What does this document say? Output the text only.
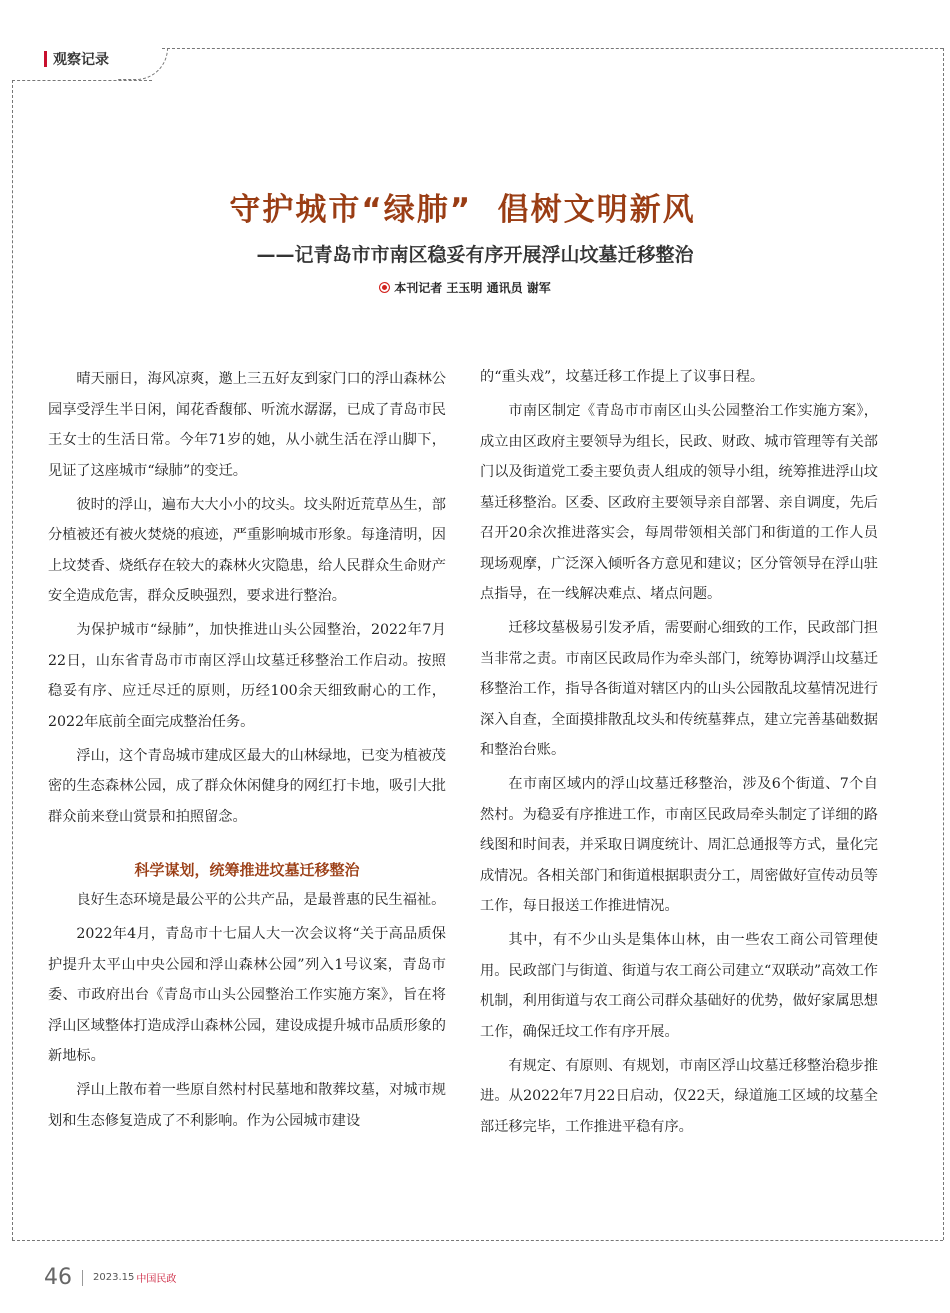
观察记录
守护城市“绿肺”  倡树文明新风
——记青岛市市南区稳妥有序开展浮山坟墓迁移整治
本刊记者 王玉明 通讯员 谢军

晴天丽日，海风凉爽，邀上三五好友到家门口的浮山森林公园享受浮生半日闲，闻花香馥郁、听流水潺潺，已成了青岛市民王女士的生活日常。今年71岁的她，从小就生活在浮山脚下，见证了这座城市“绿肺”的变迁。

彼时的浮山，遍布大大小小的坟头。坟头附近荒草丛生，部分植被还有被火焚烧的痕迹，严重影响城市形象。每逢清明，因上坟焚香、烧纸存在较大的森林火灾隐患，给人民群众生命财产安全造成危害，群众反映强烈，要求进行整治。

为保护城市“绿肺”，加快推进山头公园整治，2022年7月22日，山东省青岛市市南区浮山坟墓迁移整治工作启动。按照稳妥有序、应迁尽迁的原则，历经100余天细致耐心的工作，2022年底前全面完成整治任务。

浮山，这个青岛城市建成区最大的山林绿地，已变为植被茂密的生态森林公园，成了群众休闲健身的网红打卡地，吸引大批群众前来登山赏景和拍照留念。

科学谋划，统筹推进坟墓迁移整治

良好生态环境是最公平的公共产品，是最普惠的民生福祉。

2022年4月，青岛市十七届人大一次会议将“关于高品质保护提升太平山中央公园和浮山森林公园”列入1号议案，青岛市委、市政府出台《青岛市山头公园整治工作实施方案》，旨在将浮山区域整体打造成浮山森林公园，建设成提升城市品质形象的新地标。

浮山上散布着一些原自然村村民墓地和散葬坟墓，对城市规划和生态修复造成了不利影响。作为公园城市建设

的“重头戏”，坟墓迁移工作提上了议事日程。

市南区制定《青岛市市南区山头公园整治工作实施方案》，成立由区政府主要领导为组长，民政、财政、城市管理等有关部门以及街道党工委主要负责人组成的领导小组，统筹推进浮山坟墓迁移整治。区委、区政府主要领导亲自部署、亲自调度，先后召开20余次推进落实会，每周带领相关部门和街道的工作人员现场观摩，广泛深入倾听各方意见和建议；区分管领导在浮山驻点指导，在一线解决难点、堵点问题。

迁移坟墓极易引发矛盾，需要耐心细致的工作，民政部门担当非常之责。市南区民政局作为牵头部门，统筹协调浮山坟墓迁移整治工作，指导各街道对辖区内的山头公园散乱坟墓情况进行深入自查，全面摸排散乱坟头和传统墓葬点，建立完善基础数据和整治台账。

在市南区域内的浮山坟墓迁移整治，涉及6个街道、7个自然村。为稳妥有序推进工作，市南区民政局牵头制定了详细的路线图和时间表，并采取日调度统计、周汇总通报等方式，量化完成情况。各相关部门和街道根据职责分工，周密做好宣传动员等工作，每日报送工作推进情况。

其中，有不少山头是集体山林，由一些农工商公司管理使用。民政部门与街道、街道与农工商公司建立“双联动”高效工作机制，利用街道与农工商公司群众基础好的优势，做好家属思想工作，确保迁坟工作有序开展。

有规定、有原则、有规划，市南区浮山坟墓迁移整治稳步推进。从2022年7月22日启动，仅22天，绿道施工区域的坟墓全部迁移完毕，工作推进平稳有序。

46 2023.15 中国民政
